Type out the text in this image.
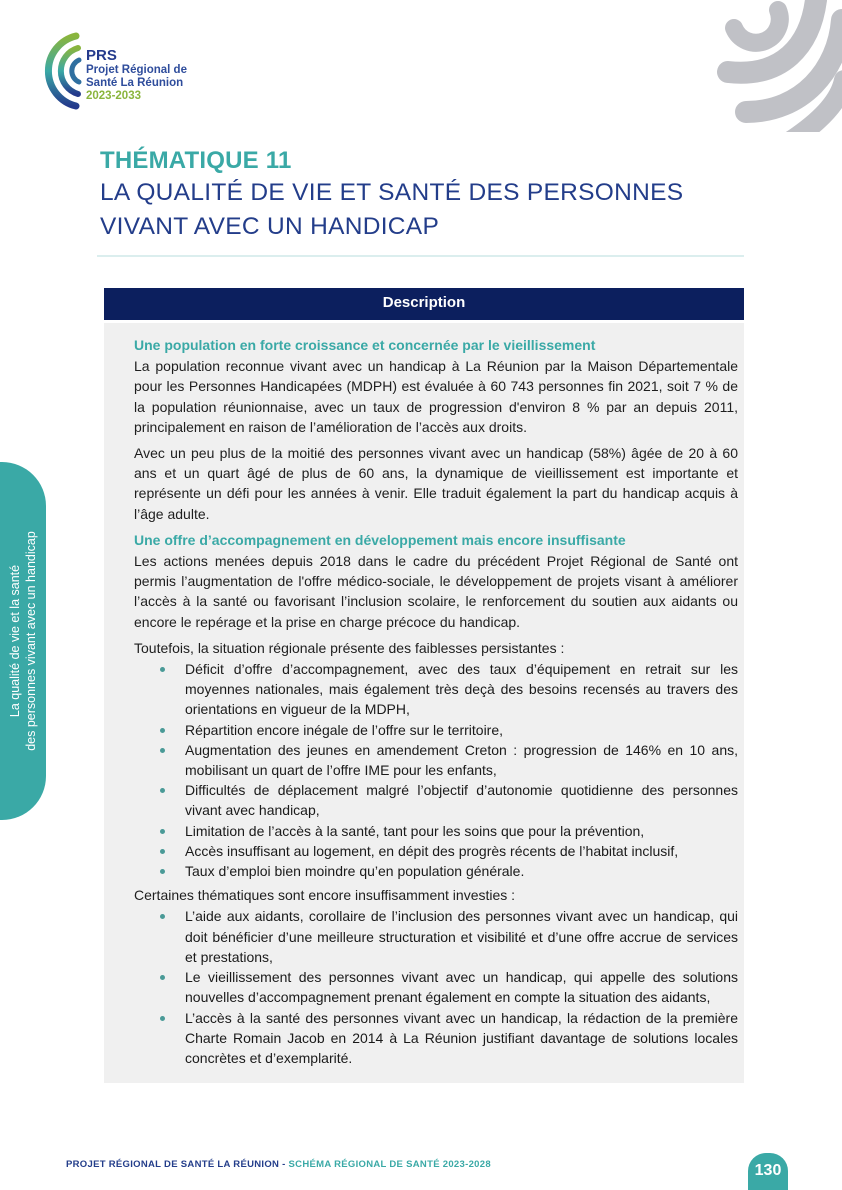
PRS
Projet Régional de
Santé La Réunion
2023-2033
THÉMATIQUE 11
LA QUALITÉ DE VIE ET SANTÉ DES PERSONNES
VIVANT AVEC UN HANDICAP
Description
Une population en forte croissance et concernée par le vieillissement

La population reconnue vivant avec un handicap à La Réunion par la Maison Départementale pour les Personnes Handicapées (MDPH) est évaluée à 60 743 personnes fin 2021, soit 7 % de la population réunionnaise, avec un taux de progression d'environ 8 % par an depuis 2011, principalement en raison de l’amélioration de l’accès aux droits.

Avec un peu plus de la moitié des personnes vivant avec un handicap (58%) âgée de 20 à 60 ans et un quart âgé de plus de 60 ans, la dynamique de vieillissement est importante et représente un défi pour les années à venir. Elle traduit également la part du handicap acquis à l’âge adulte.

Une offre d’accompagnement en développement mais encore insuffisante

Les actions menées depuis 2018 dans le cadre du précédent Projet Régional de Santé ont permis l’augmentation de l'offre médico-sociale, le développement de projets visant à améliorer l’accès à la santé ou favorisant l’inclusion scolaire, le renforcement du soutien aux aidants ou encore le repérage et la prise en charge précoce du handicap.

Toutefois, la situation régionale présente des faiblesses persistantes :

Déficit d’offre d’accompagnement, avec des taux d’équipement en retrait sur les moyennes nationales, mais également très deçà des besoins recensés au travers des orientations en vigueur de la MDPH,
Répartition encore inégale de l’offre sur le territoire,
Augmentation des jeunes en amendement Creton : progression de 146% en 10 ans, mobilisant un quart de l’offre IME pour les enfants,
Difficultés de déplacement malgré l’objectif d’autonomie quotidienne des personnes vivant avec handicap,
Limitation de l’accès à la santé, tant pour les soins que pour la prévention,
Accès insuffisant au logement, en dépit des progrès récents de l’habitat inclusif,
Taux d’emploi bien moindre qu’en population générale.

Certaines thématiques sont encore insuffisamment investies :

L’aide aux aidants, corollaire de l’inclusion des personnes vivant avec un handicap, qui doit bénéficier d’une meilleure structuration et visibilité et d’une offre accrue de services et prestations,
Le vieillissement des personnes vivant avec un handicap, qui appelle des solutions nouvelles d’accompagnement prenant également en compte la situation des aidants,
L’accès à la santé des personnes vivant avec un handicap, la rédaction de la première Charte Romain Jacob en 2014 à La Réunion justifiant davantage de solutions locales concrètes et d’exemplarité.
La qualité de vie et la santé des personnes vivant avec un handicap
PROJET RÉGIONAL DE SANTÉ LA RÉUNION - SCHÉMA RÉGIONAL DE SANTÉ 2023-2028	130
